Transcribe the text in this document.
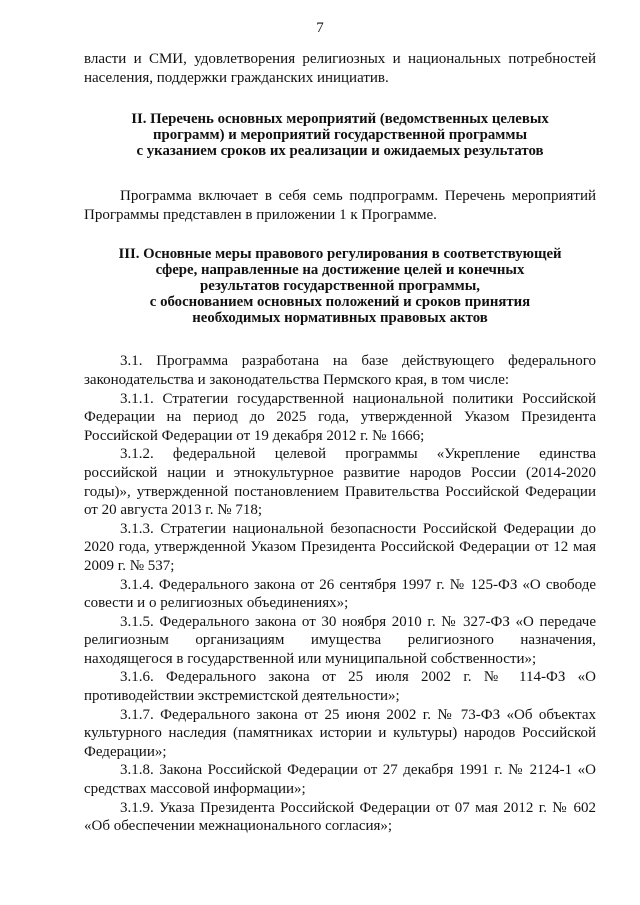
7

власти и СМИ, удовлетворения религиозных и национальных потребностей населения, поддержки гражданских инициатив.

II. Перечень основных мероприятий (ведомственных целевых
программ) и мероприятий государственной программы
с указанием сроков их реализации и ожидаемых результатов

Программа включает в себя семь подпрограмм. Перечень мероприятий Программы представлен в приложении 1 к Программе.

III. Основные меры правового регулирования в соответствующей
сфере, направленные на достижение целей и конечных
результатов государственной программы,
с обоснованием основных положений и сроков принятия
необходимых нормативных правовых актов

3.1. Программа разработана на базе действующего федерального законодательства и законодательства Пермского края, в том числе:

3.1.1. Стратегии государственной национальной политики Российской Федерации на период до 2025 года, утвержденной Указом Президента Российской Федерации от 19 декабря 2012 г. № 1666;

3.1.2. федеральной целевой программы «Укрепление единства российской нации и этнокультурное развитие народов России (2014-2020 годы)», утвержденной постановлением Правительства Российской Федерации от 20 августа 2013 г. № 718;

3.1.3. Стратегии национальной безопасности Российской Федерации до 2020 года, утвержденной Указом Президента Российской Федерации от 12 мая 2009 г. № 537;

3.1.4. Федерального закона от 26 сентября 1997 г. № 125-ФЗ «О свободе совести и о религиозных объединениях»;

3.1.5. Федерального закона от 30 ноября 2010 г. № 327-ФЗ «О передаче религиозным организациям имущества религиозного назначения, находящегося в государственной или муниципальной собственности»;

3.1.6. Федерального закона от 25 июля 2002 г. № 114-ФЗ «О противодействии экстремистской деятельности»;

3.1.7. Федерального закона от 25 июня 2002 г. № 73-ФЗ «Об объектах культурного наследия (памятниках истории и культуры) народов Российской Федерации»;

3.1.8. Закона Российской Федерации от 27 декабря 1991 г. № 2124-1 «О средствах массовой информации»;

3.1.9. Указа Президента Российской Федерации от 07 мая 2012 г. № 602 «Об обеспечении межнационального согласия»;
